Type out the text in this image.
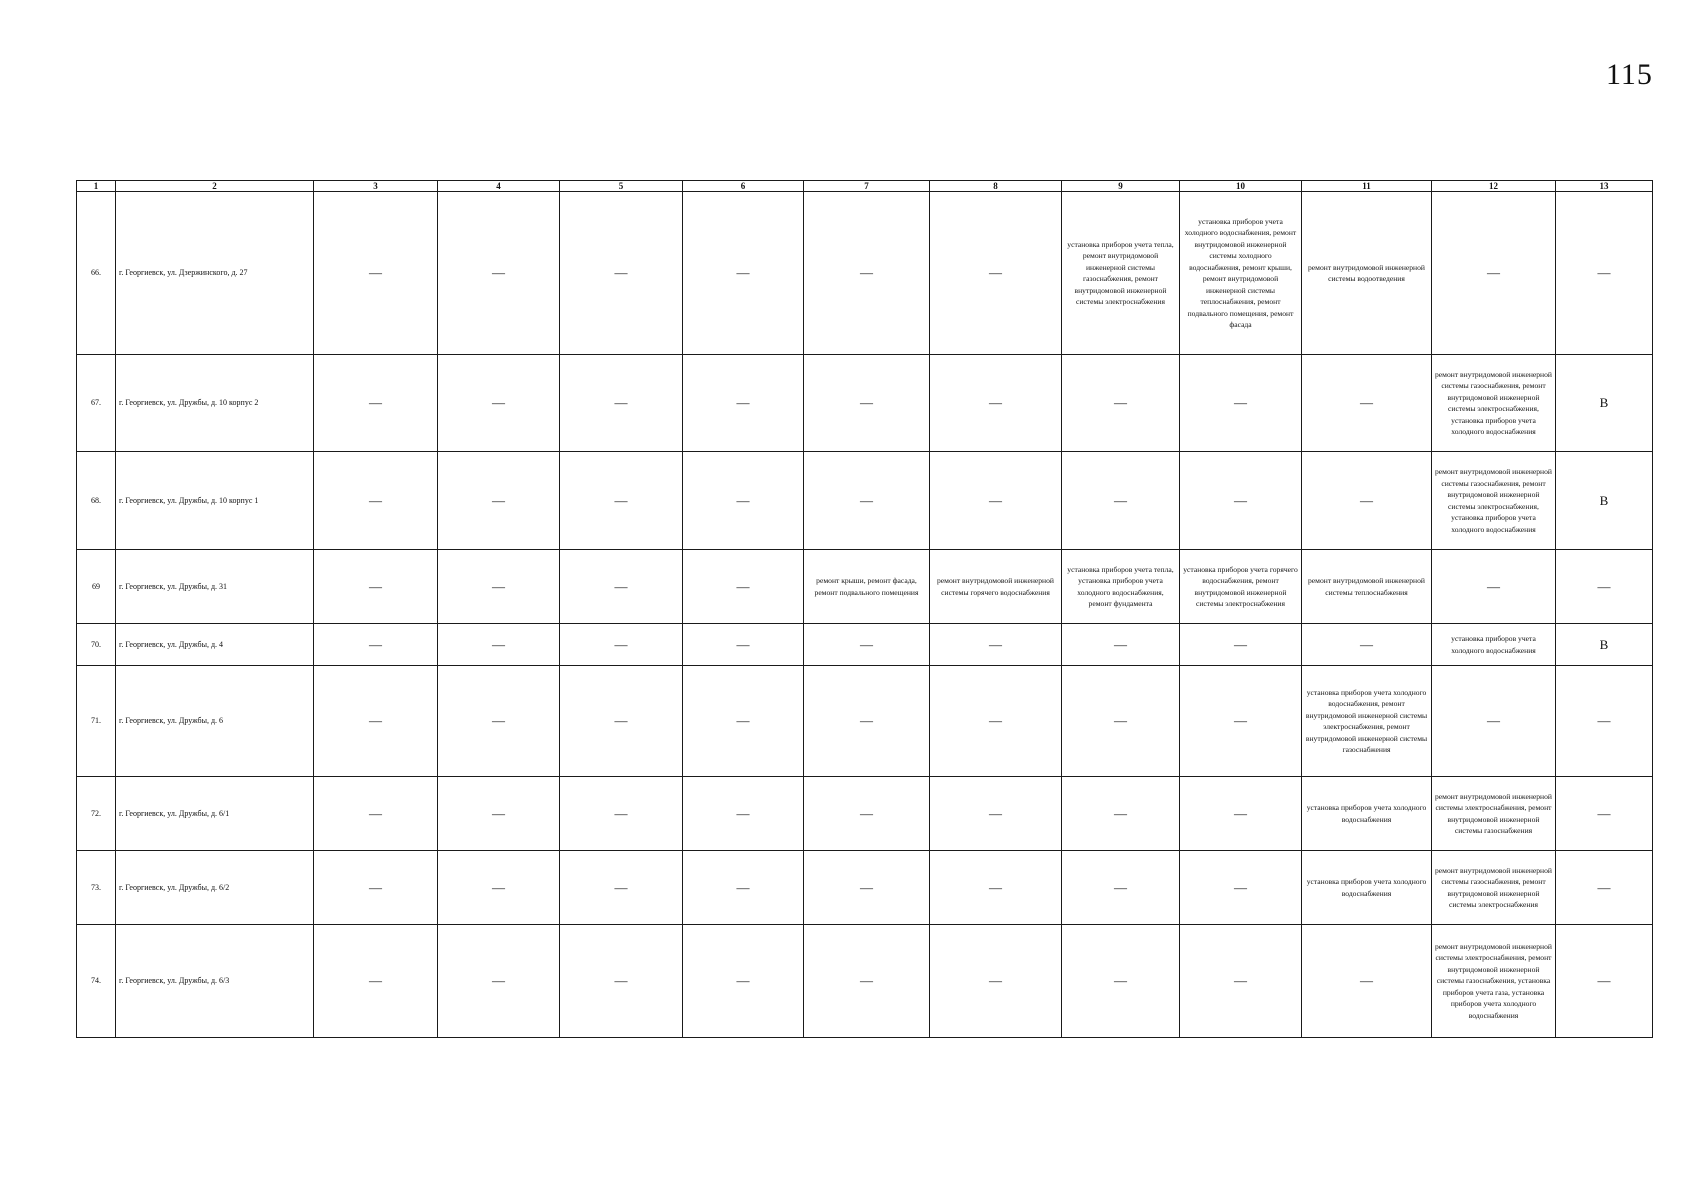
115
1	2	3	4	5	6	7	8	9	10	11	12	13
66.	г. Георгиевск, ул. Дзержинского, д. 27	—	—	—	—	—	—	установка приборов учета тепла, ремонт внутридомовой инженерной системы газоснабжения, ремонт внутридомовой инженерной системы электроснабжения	установка приборов учета холодного водоснабжения, ремонт внутридомовой инженерной системы холодного водоснабжения, ремонт крыши, ремонт внутридомовой инженерной системы теплоснабжения, ремонт подвального помещения, ремонт фасада	ремонт внутридомовой инженерной системы водоотведения	—	—
67.	г. Георгиевск, ул. Дружбы, д. 10 корпус 2	—	—	—	—	—	—	—	—	—	ремонт внутридомовой инженерной системы газоснабжения, ремонт внутридомовой инженерной системы электроснабжения, установка приборов учета холодного водоснабжения	В
68.	г. Георгиевск, ул. Дружбы, д. 10 корпус 1	—	—	—	—	—	—	—	—	—	ремонт внутридомовой инженерной системы газоснабжения, ремонт внутридомовой инженерной системы электроснабжения, установка приборов учета холодного водоснабжения	В
69	г. Георгиевск, ул. Дружбы, д. 31	—	—	—	—	ремонт крыши, ремонт фасада, ремонт подвального помещения	ремонт внутридомовой инженерной системы горячего водоснабжения	установка приборов учета тепла, установка приборов учета холодного водоснабжения, ремонт фундамента	установка приборов учета горячего водоснабжения, ремонт внутридомовой инженерной системы электроснабжения	ремонт внутридомовой инженерной системы теплоснабжения	—	—
70.	г. Георгиевск, ул. Дружбы, д. 4	—	—	—	—	—	—	—	—	—	установка приборов учета холодного водоснабжения	В
71.	г. Георгиевск, ул. Дружбы, д. 6	—	—	—	—	—	—	—	—	установка приборов учета холодного водоснабжения, ремонт внутридомовой инженерной системы электроснабжения, ремонт внутридомовой инженерной системы газоснабжения	—	—
72.	г. Георгиевск, ул. Дружбы, д. 6/1	—	—	—	—	—	—	—	—	установка приборов учета холодного водоснабжения	ремонт внутридомовой инженерной системы электроснабжения, ремонт внутридомовой инженерной системы газоснабжения	—
73.	г. Георгиевск, ул. Дружбы, д. 6/2	—	—	—	—	—	—	—	—	установка приборов учета холодного водоснабжения	ремонт внутридомовой инженерной системы газоснабжения, ремонт внутридомовой инженерной системы электроснабжения	—
74.	г. Георгиевск, ул. Дружбы, д. 6/3	—	—	—	—	—	—	—	—	—	ремонт внутридомовой инженерной системы электроснабжения, ремонт внутридомовой инженерной системы газоснабжения, установка приборов учета газа, установка приборов учета холодного водоснабжения	—
